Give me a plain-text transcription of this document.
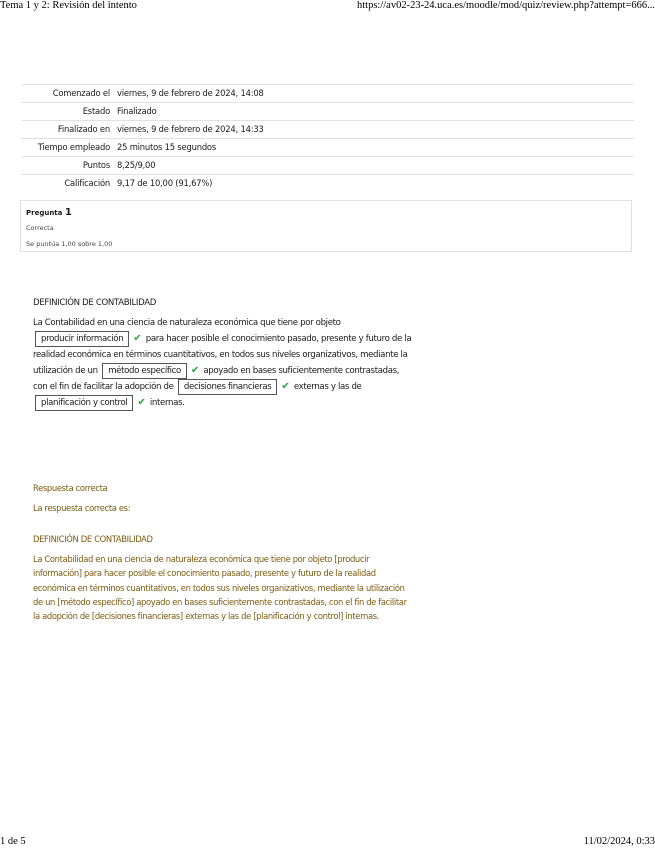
Tema 1 y 2: Revisión del intento	https://av02-23-24.uca.es/moodle/mod/quiz/review.php?attempt=666...
Comenzado el	viernes, 9 de febrero de 2024, 14:08
Estado	Finalizado
Finalizado en	viernes, 9 de febrero de 2024, 14:33
Tiempo empleado	25 minutos 15 segundos
Puntos	8,25/9,00
Calificación	9,17 de 10,00 (91,67%)
Pregunta 1
Correcta
Se puntúa 1,00 sobre 1,00
DEFINICIÓN DE CONTABILIDAD
La Contabilidad en una ciencia de naturaleza económica que tiene por objeto producir información ✔ para hacer posible el conocimiento pasado, presente y futuro de la realidad económica en términos cuantitativos, en todos sus niveles organizativos, mediante la utilización de un método específico ✔ apoyado en bases suficientemente contrastadas, con el fin de facilitar la adopción de decisiones financieras ✔ externas y las de planificación y control ✔ internas.
Respuesta correcta
La respuesta correcta es:
DEFINICIÓN DE CONTABILIDAD
La Contabilidad en una ciencia de naturaleza económica que tiene por objeto [producir información] para hacer posible el conocimiento pasado, presente y futuro de la realidad económica en términos cuantitativos, en todos sus niveles organizativos, mediante la utilización de un [método específico] apoyado en bases suficientemente contrastadas, con el fin de facilitar la adopción de [decisiones financieras] externas y las de [planificación y control] internas.
1 de 5	11/02/2024, 0:33
